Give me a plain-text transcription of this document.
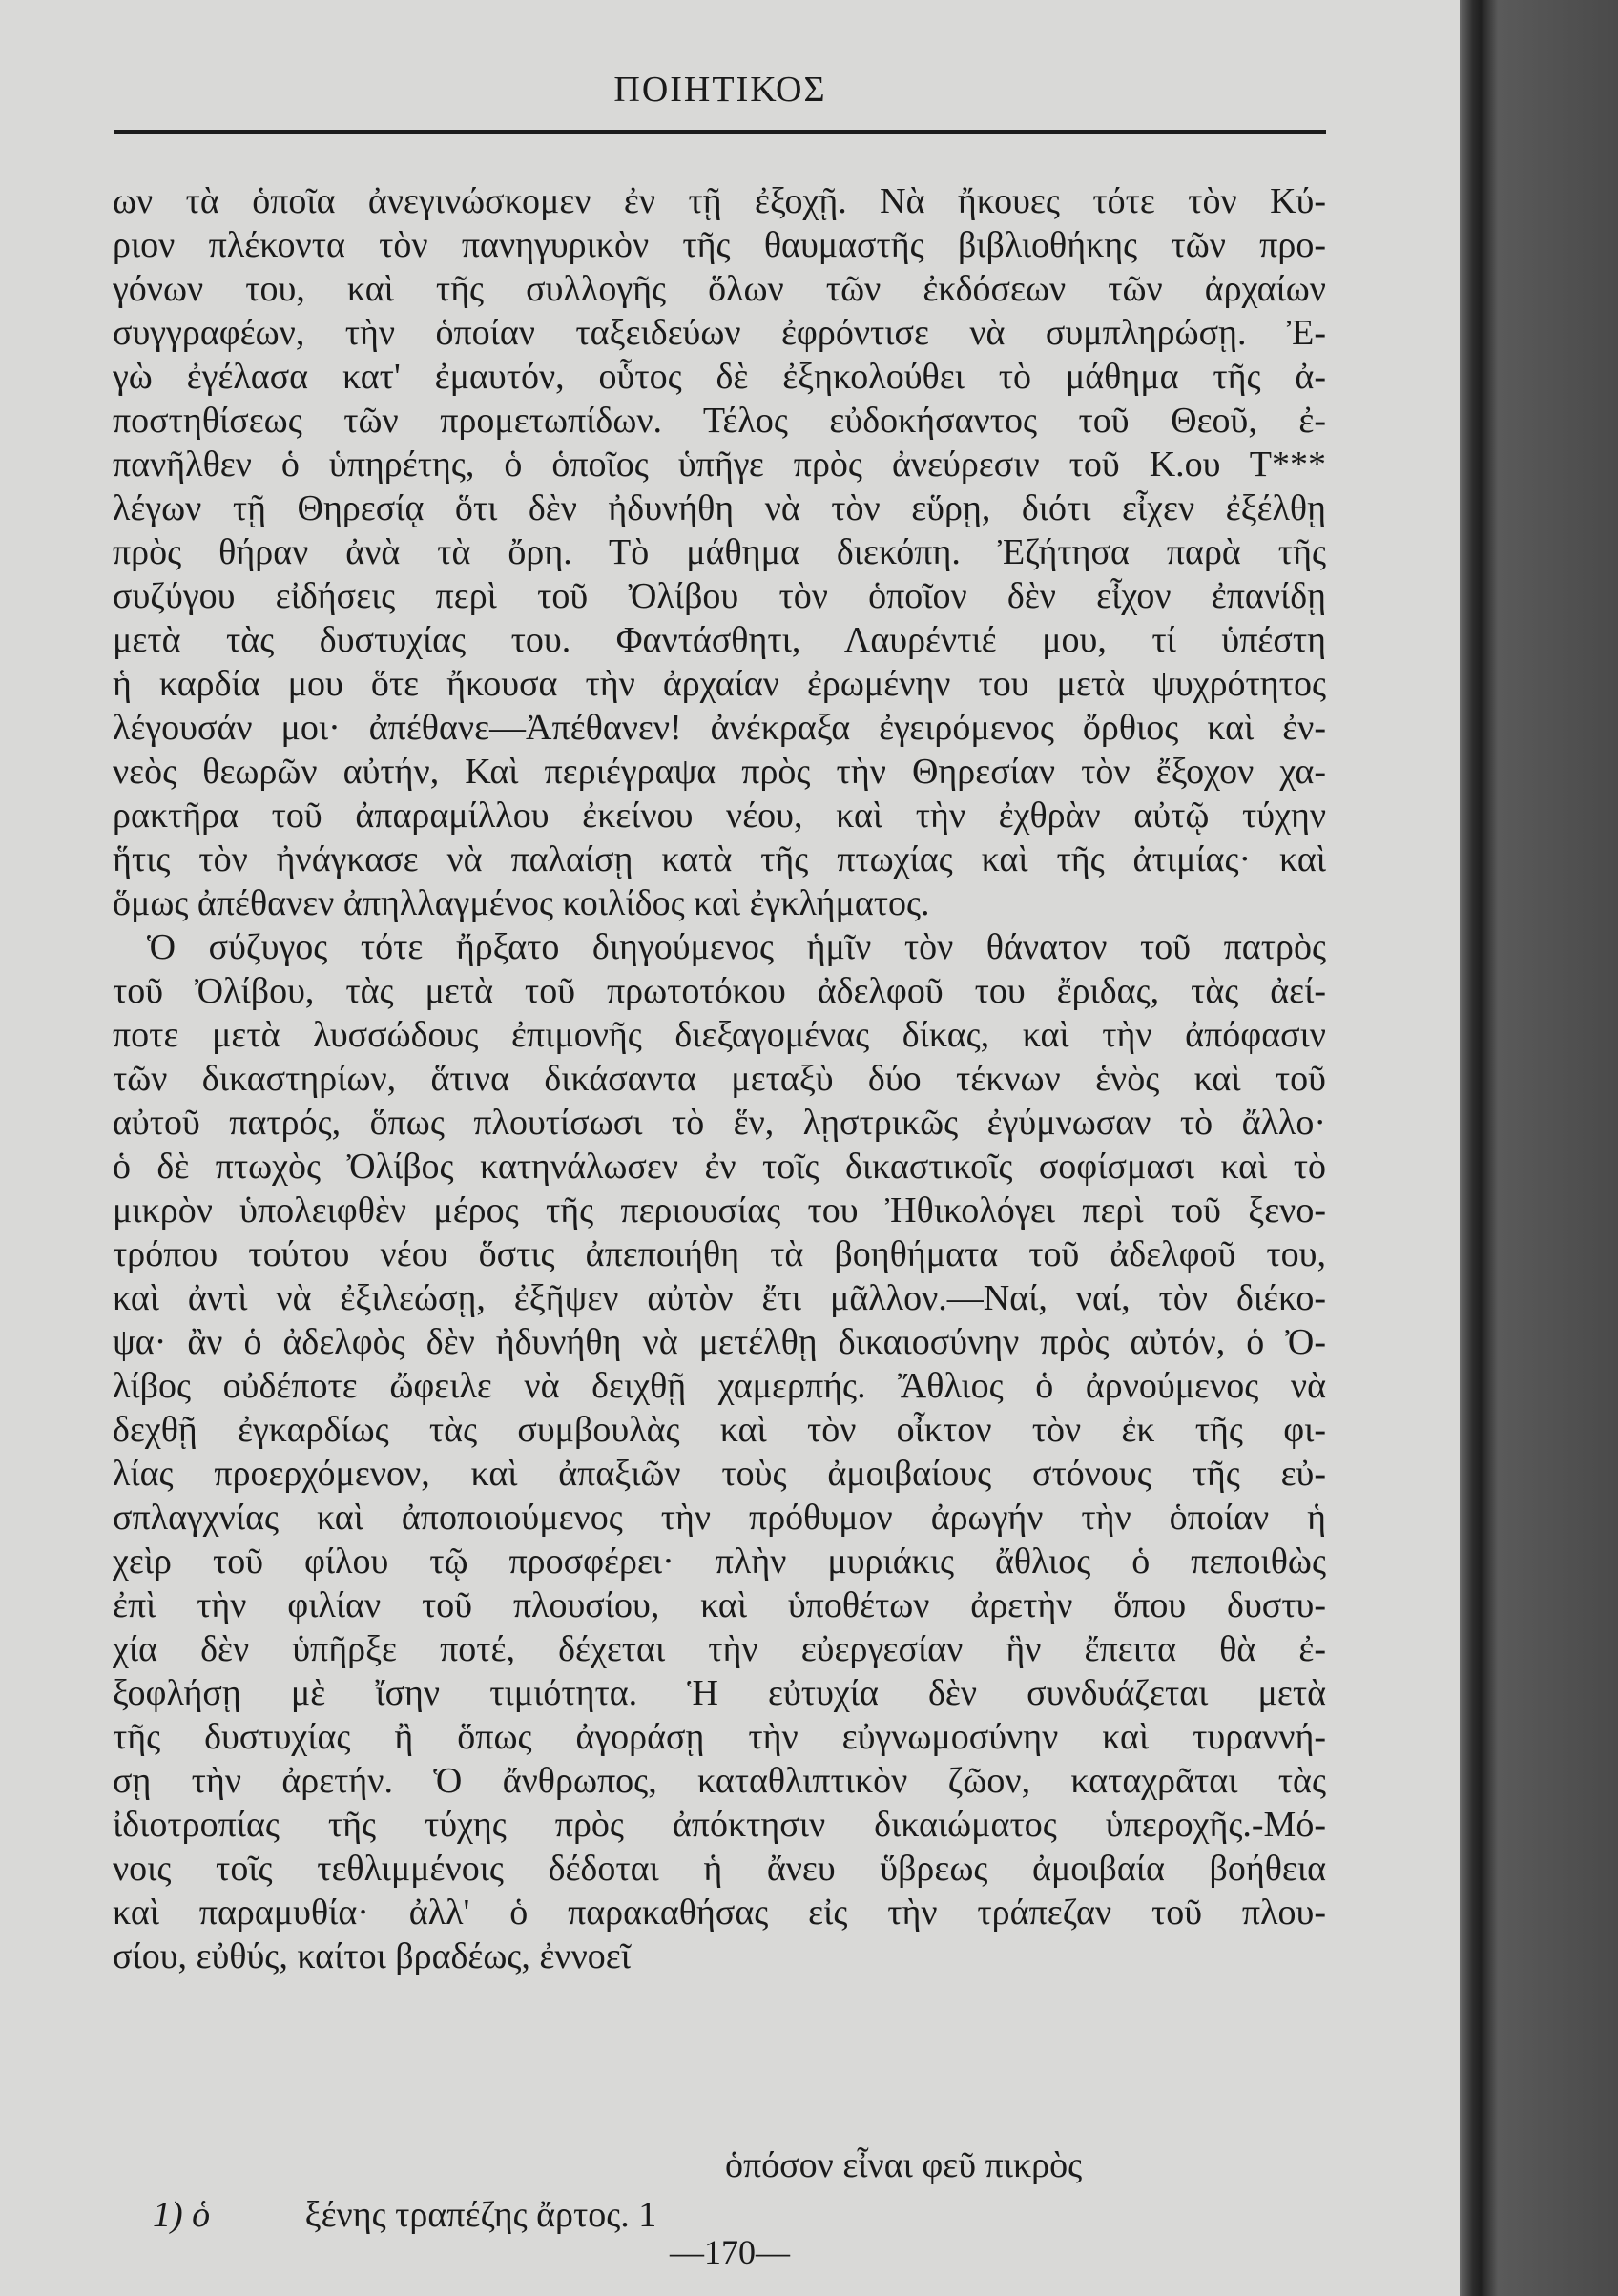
ΠΟΙΗΤΙΚΟΣ
ων τὰ ὁποῖα ἀνεγινώσκομεν ἐν τῇ ἐξοχῇ. Νὰ ἤκουες τότε τὸν Κύ-
ριον πλέκοντα τὸν πανηγυρικὸν τῆς θαυμαστῆς βιβλιοθήκης τῶν προ-
γόνων του, καὶ τῆς συλλογῆς ὅλων τῶν ἐκδόσεων τῶν ἀρχαίων
συγγραφέων, τὴν ὁποίαν ταξειδεύων ἐφρόντισε νὰ συμπληρώσῃ. Ἐ-
γὼ ἐγέλασα κατ' ἐμαυτόν, οὗτος δὲ ἐξηκολούθει τὸ μάθημα τῆς ἀ-
ποστηθίσεως τῶν προμετωπίδων. Τέλος εὐδοκήσαντος τοῦ Θεοῦ, ἐ-
πανῆλθεν ὁ ὑπηρέτης, ὁ ὁποῖος ὑπῆγε πρὸς ἀνεύρεσιν τοῦ Κ.ου Τ***
λέγων τῇ Θηρεσίᾳ ὅτι δὲν ἠδυνήθη νὰ τὸν εὕρῃ, διότι εἶχεν ἐξέλθῃ
πρὸς θήραν ἀνὰ τὰ ὄρη. Τὸ μάθημα διεκόπη. Ἐζήτησα παρὰ τῆς
συζύγου εἰδήσεις περὶ τοῦ Ὀλίβου τὸν ὁποῖον δὲν εἶχον ἐπανίδῃ
μετὰ τὰς δυστυχίας του. Φαντάσθητι, Λαυρέντιέ μου, τί ὑπέστη
ἡ καρδία μου ὅτε ἤκουσα τὴν ἀρχαίαν ἐρωμένην του μετὰ ψυχρότητος
λέγουσάν μοι· ἀπέθανε—Ἀπέθανεν! ἀνέκραξα ἐγειρόμενος ὄρθιος καὶ ἐν-
νεὸς θεωρῶν αὐτήν, Καὶ περιέγραψα πρὸς τὴν Θηρεσίαν τὸν ἔξοχον χα-
ρακτῆρα τοῦ ἀπαραμίλλου ἐκείνου νέου, καὶ τὴν ἐχθρὰν αὐτῷ τύχην
ἥτις τὸν ἠνάγκασε νὰ παλαίσῃ κατὰ τῆς πτωχίας καὶ τῆς ἀτιμίας· καὶ
ὅμως ἀπέθανεν ἀπηλλαγμένος κοιλίδος καὶ ἐγκλήματος.
Ὁ σύζυγος τότε ἤρξατο διηγούμενος ἡμῖν τὸν θάνατον τοῦ πατρὸς
τοῦ Ὀλίβου, τὰς μετὰ τοῦ πρωτοτόκου ἀδελφοῦ του ἔριδας, τὰς ἀεί-
ποτε μετὰ λυσσώδους ἐπιμονῆς διεξαγομένας δίκας, καὶ τὴν ἀπόφασιν
τῶν δικαστηρίων, ἅτινα δικάσαντα μεταξὺ δύο τέκνων ἑνὸς καὶ τοῦ
αὐτοῦ πατρός, ὅπως πλουτίσωσι τὸ ἕν, λῃστρικῶς ἐγύμνωσαν τὸ ἄλλο·
ὁ δὲ πτωχὸς Ὀλίβος κατηνάλωσεν ἐν τοῖς δικαστικοῖς σοφίσμασι καὶ τὸ
μικρὸν ὑπολειφθὲν μέρος τῆς περιουσίας του Ἠθικολόγει περὶ τοῦ ξενο-
τρόπου τούτου νέου ὅστις ἀπεποιήθη τὰ βοηθήματα τοῦ ἀδελφοῦ του,
καὶ ἀντὶ νὰ ἐξιλεώσῃ, ἐξῆψεν αὐτὸν ἔτι μᾶλλον.—Ναί, ναί, τὸν διέκο-
ψα· ἂν ὁ ἀδελφὸς δὲν ἠδυνήθη νὰ μετέλθῃ δικαιοσύνην πρὸς αὐτόν, ὁ Ὀ-
λίβος οὐδέποτε ὤφειλε νὰ δειχθῇ χαμερπής. Ἄθλιος ὁ ἀρνούμενος νὰ
δεχθῇ ἐγκαρδίως τὰς συμβουλὰς καὶ τὸν οἶκτον τὸν ἐκ τῆς φι-
λίας προερχόμενον, καὶ ἀπαξιῶν τοὺς ἀμοιβαίους στόνους τῆς εὐ-
σπλαγχνίας καὶ ἀποποιούμενος τὴν πρόθυμον ἀρωγήν τὴν ὁποίαν ἡ
χεὶρ τοῦ φίλου τῷ προσφέρει· πλὴν μυριάκις ἄθλιος ὁ πεποιθὼς
ἐπὶ τὴν φιλίαν τοῦ πλουσίου, καὶ ὑποθέτων ἀρετὴν ὅπου δυστυ-
χία δὲν ὑπῆρξε ποτέ, δέχεται τὴν εὐεργεσίαν ἣν ἔπειτα θὰ ἐ-
ξοφλήσῃ μὲ ἴσην τιμιότητα. Ἡ εὐτυχία δὲν συνδυάζεται μετὰ
τῆς δυστυχίας ἢ ὅπως ἀγοράσῃ τὴν εὐγνωμοσύνην καὶ τυραννή-
σῃ τὴν ἀρετήν. Ὁ ἄνθρωπος, καταθλιπτικὸν ζῶον, καταχρᾶται τὰς
ἰδιοτροπίας τῆς τύχης πρὸς ἀπόκτησιν δικαιώματος ὑπεροχῆς.-Μό-
νοις τοῖς τεθλιμμένοις δέδοται ἡ ἄνευ ὕβρεως ἀμοιβαία βοήθεια
καὶ παραμυθία· ἀλλ' ὁ παρακαθήσας εἰς τὴν τράπεζαν τοῦ πλου-
σίου, εὐθύς, καίτοι βραδέως, ἐννοεῖ
ὁπόσον εἶναι φεῦ πικρὸς
1) ὁ	ξένης τραπέζης ἄρτος. 1
—170—
